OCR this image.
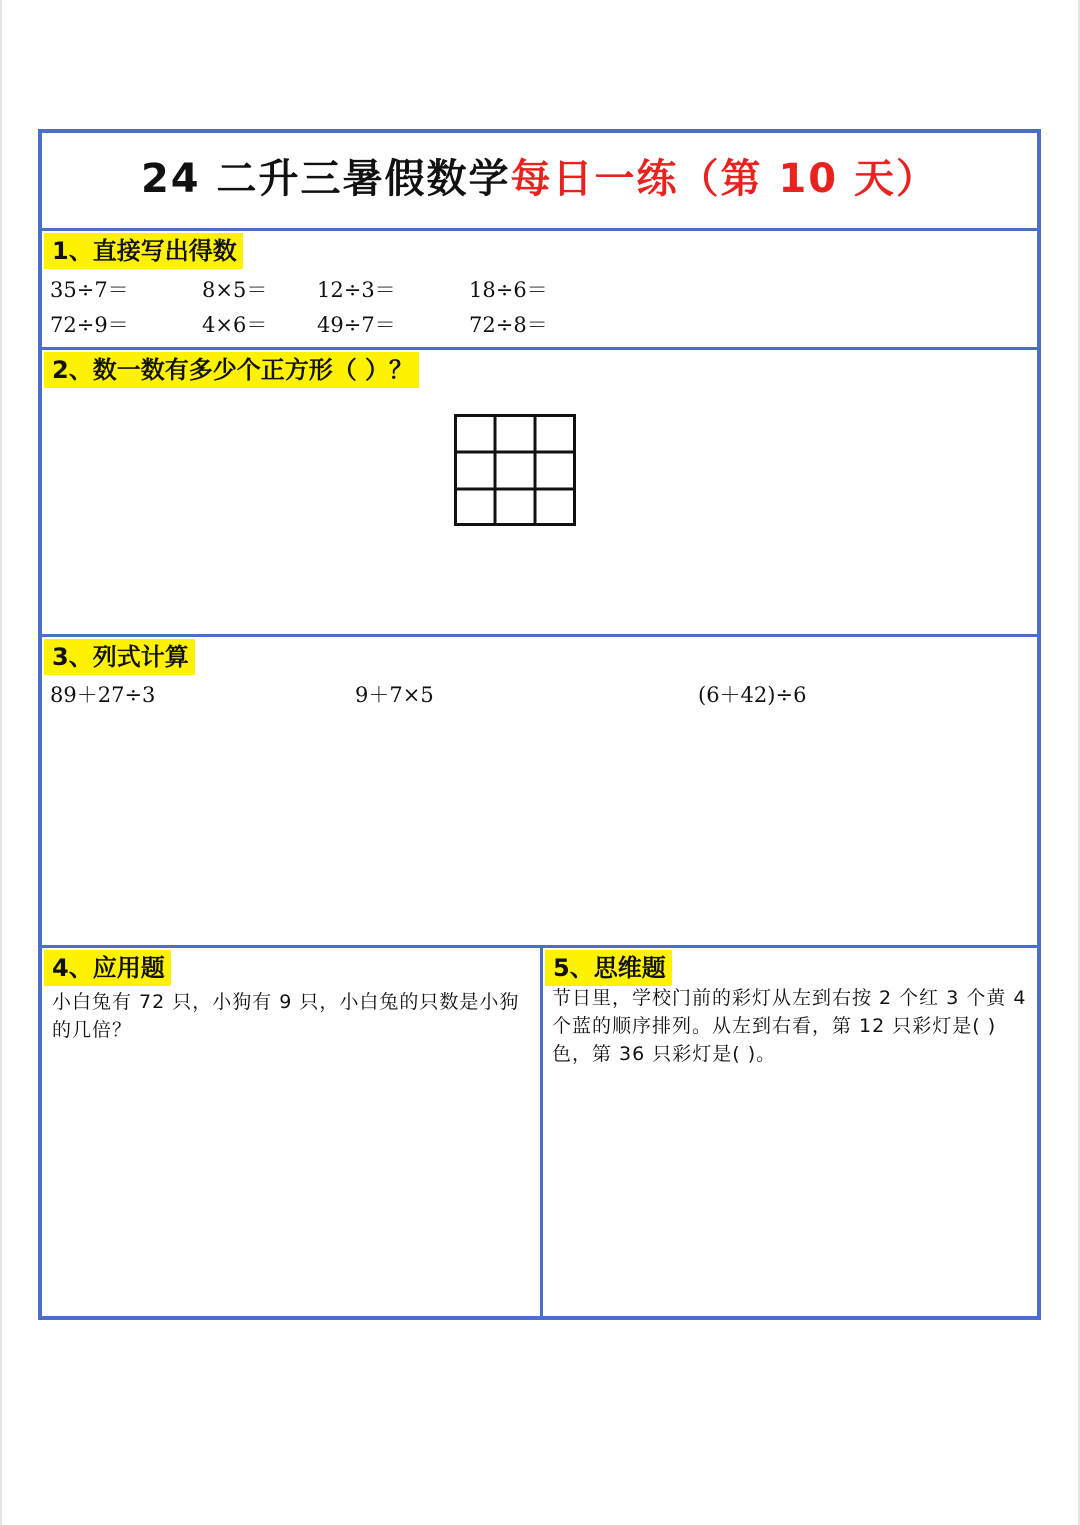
24 二升三暑假数学每日一练（第 10 天）
1、直接写出得数
35÷7＝	8×5＝ 12÷3＝	18÷6＝
72÷9＝	4×6＝ 49÷7＝	72÷8＝
2、数一数有多少个正方形（ ）？
3、列式计算
89＋27÷3	9＋7×5	(6＋42)÷6
4、应用题
小白兔有 72 只，小狗有 9 只，小白兔的只数是小狗的几倍？
5、思维题
节日里，学校门前的彩灯从左到右按 2 个红 3 个黄 4 个蓝的顺序排列。从左到右看，第 12 只彩灯是( )色，第 36 只彩灯是( )。
